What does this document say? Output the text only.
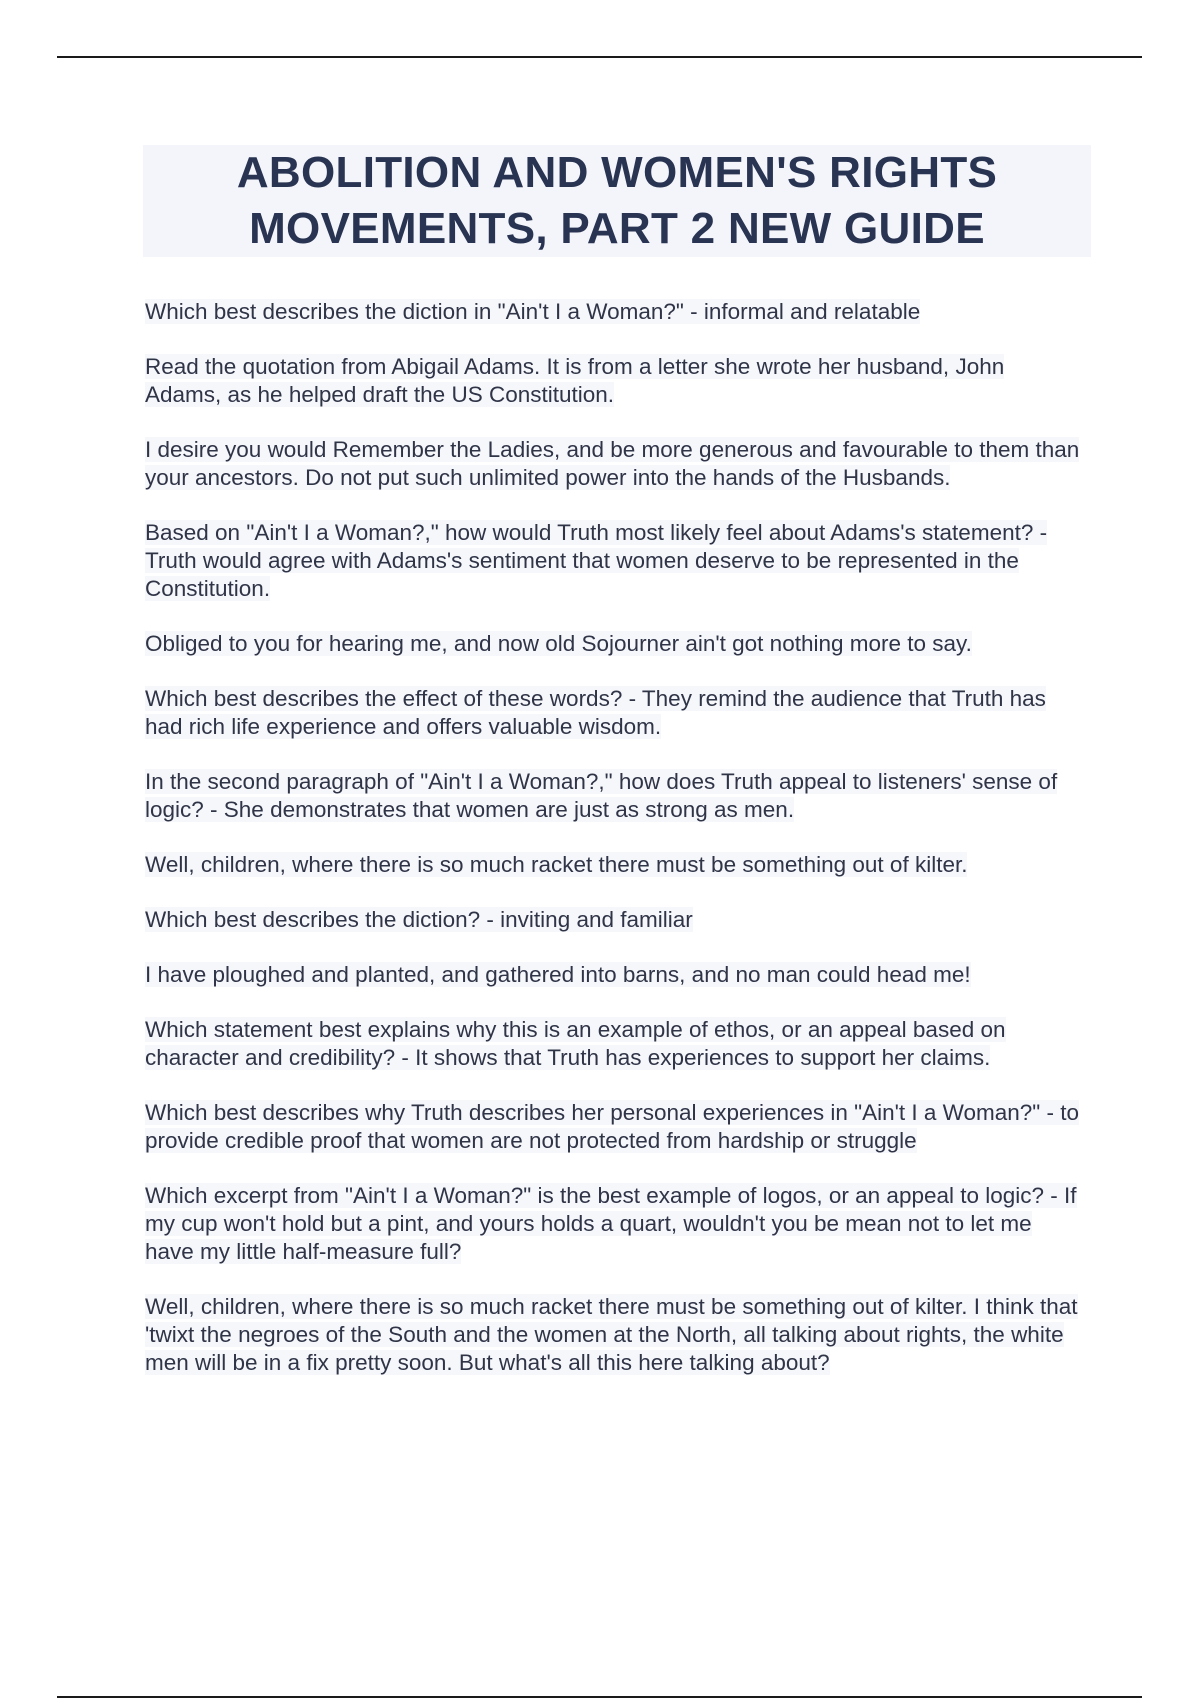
ABOLITION AND WOMEN'S RIGHTS MOVEMENTS, PART 2 NEW GUIDE

Which best describes the diction in "Ain't I a Woman?" - informal and relatable

Read the quotation from Abigail Adams. It is from a letter she wrote her husband, John Adams, as he helped draft the US Constitution.

I desire you would Remember the Ladies, and be more generous and favourable to them than your ancestors. Do not put such unlimited power into the hands of the Husbands.

Based on "Ain't I a Woman?," how would Truth most likely feel about Adams's statement? - Truth would agree with Adams's sentiment that women deserve to be represented in the Constitution.

Obliged to you for hearing me, and now old Sojourner ain't got nothing more to say.

Which best describes the effect of these words? - They remind the audience that Truth has had rich life experience and offers valuable wisdom.

In the second paragraph of "Ain't I a Woman?," how does Truth appeal to listeners' sense of logic? - She demonstrates that women are just as strong as men.

Well, children, where there is so much racket there must be something out of kilter.

Which best describes the diction? - inviting and familiar

I have ploughed and planted, and gathered into barns, and no man could head me!

Which statement best explains why this is an example of ethos, or an appeal based on character and credibility? - It shows that Truth has experiences to support her claims.

Which best describes why Truth describes her personal experiences in "Ain't I a Woman?" - to provide credible proof that women are not protected from hardship or struggle

Which excerpt from "Ain't I a Woman?" is the best example of logos, or an appeal to logic? - If my cup won't hold but a pint, and yours holds a quart, wouldn't you be mean not to let me have my little half-measure full?

Well, children, where there is so much racket there must be something out of kilter. I think that 'twixt the negroes of the South and the women at the North, all talking about rights, the white men will be in a fix pretty soon. But what's all this here talking about?
